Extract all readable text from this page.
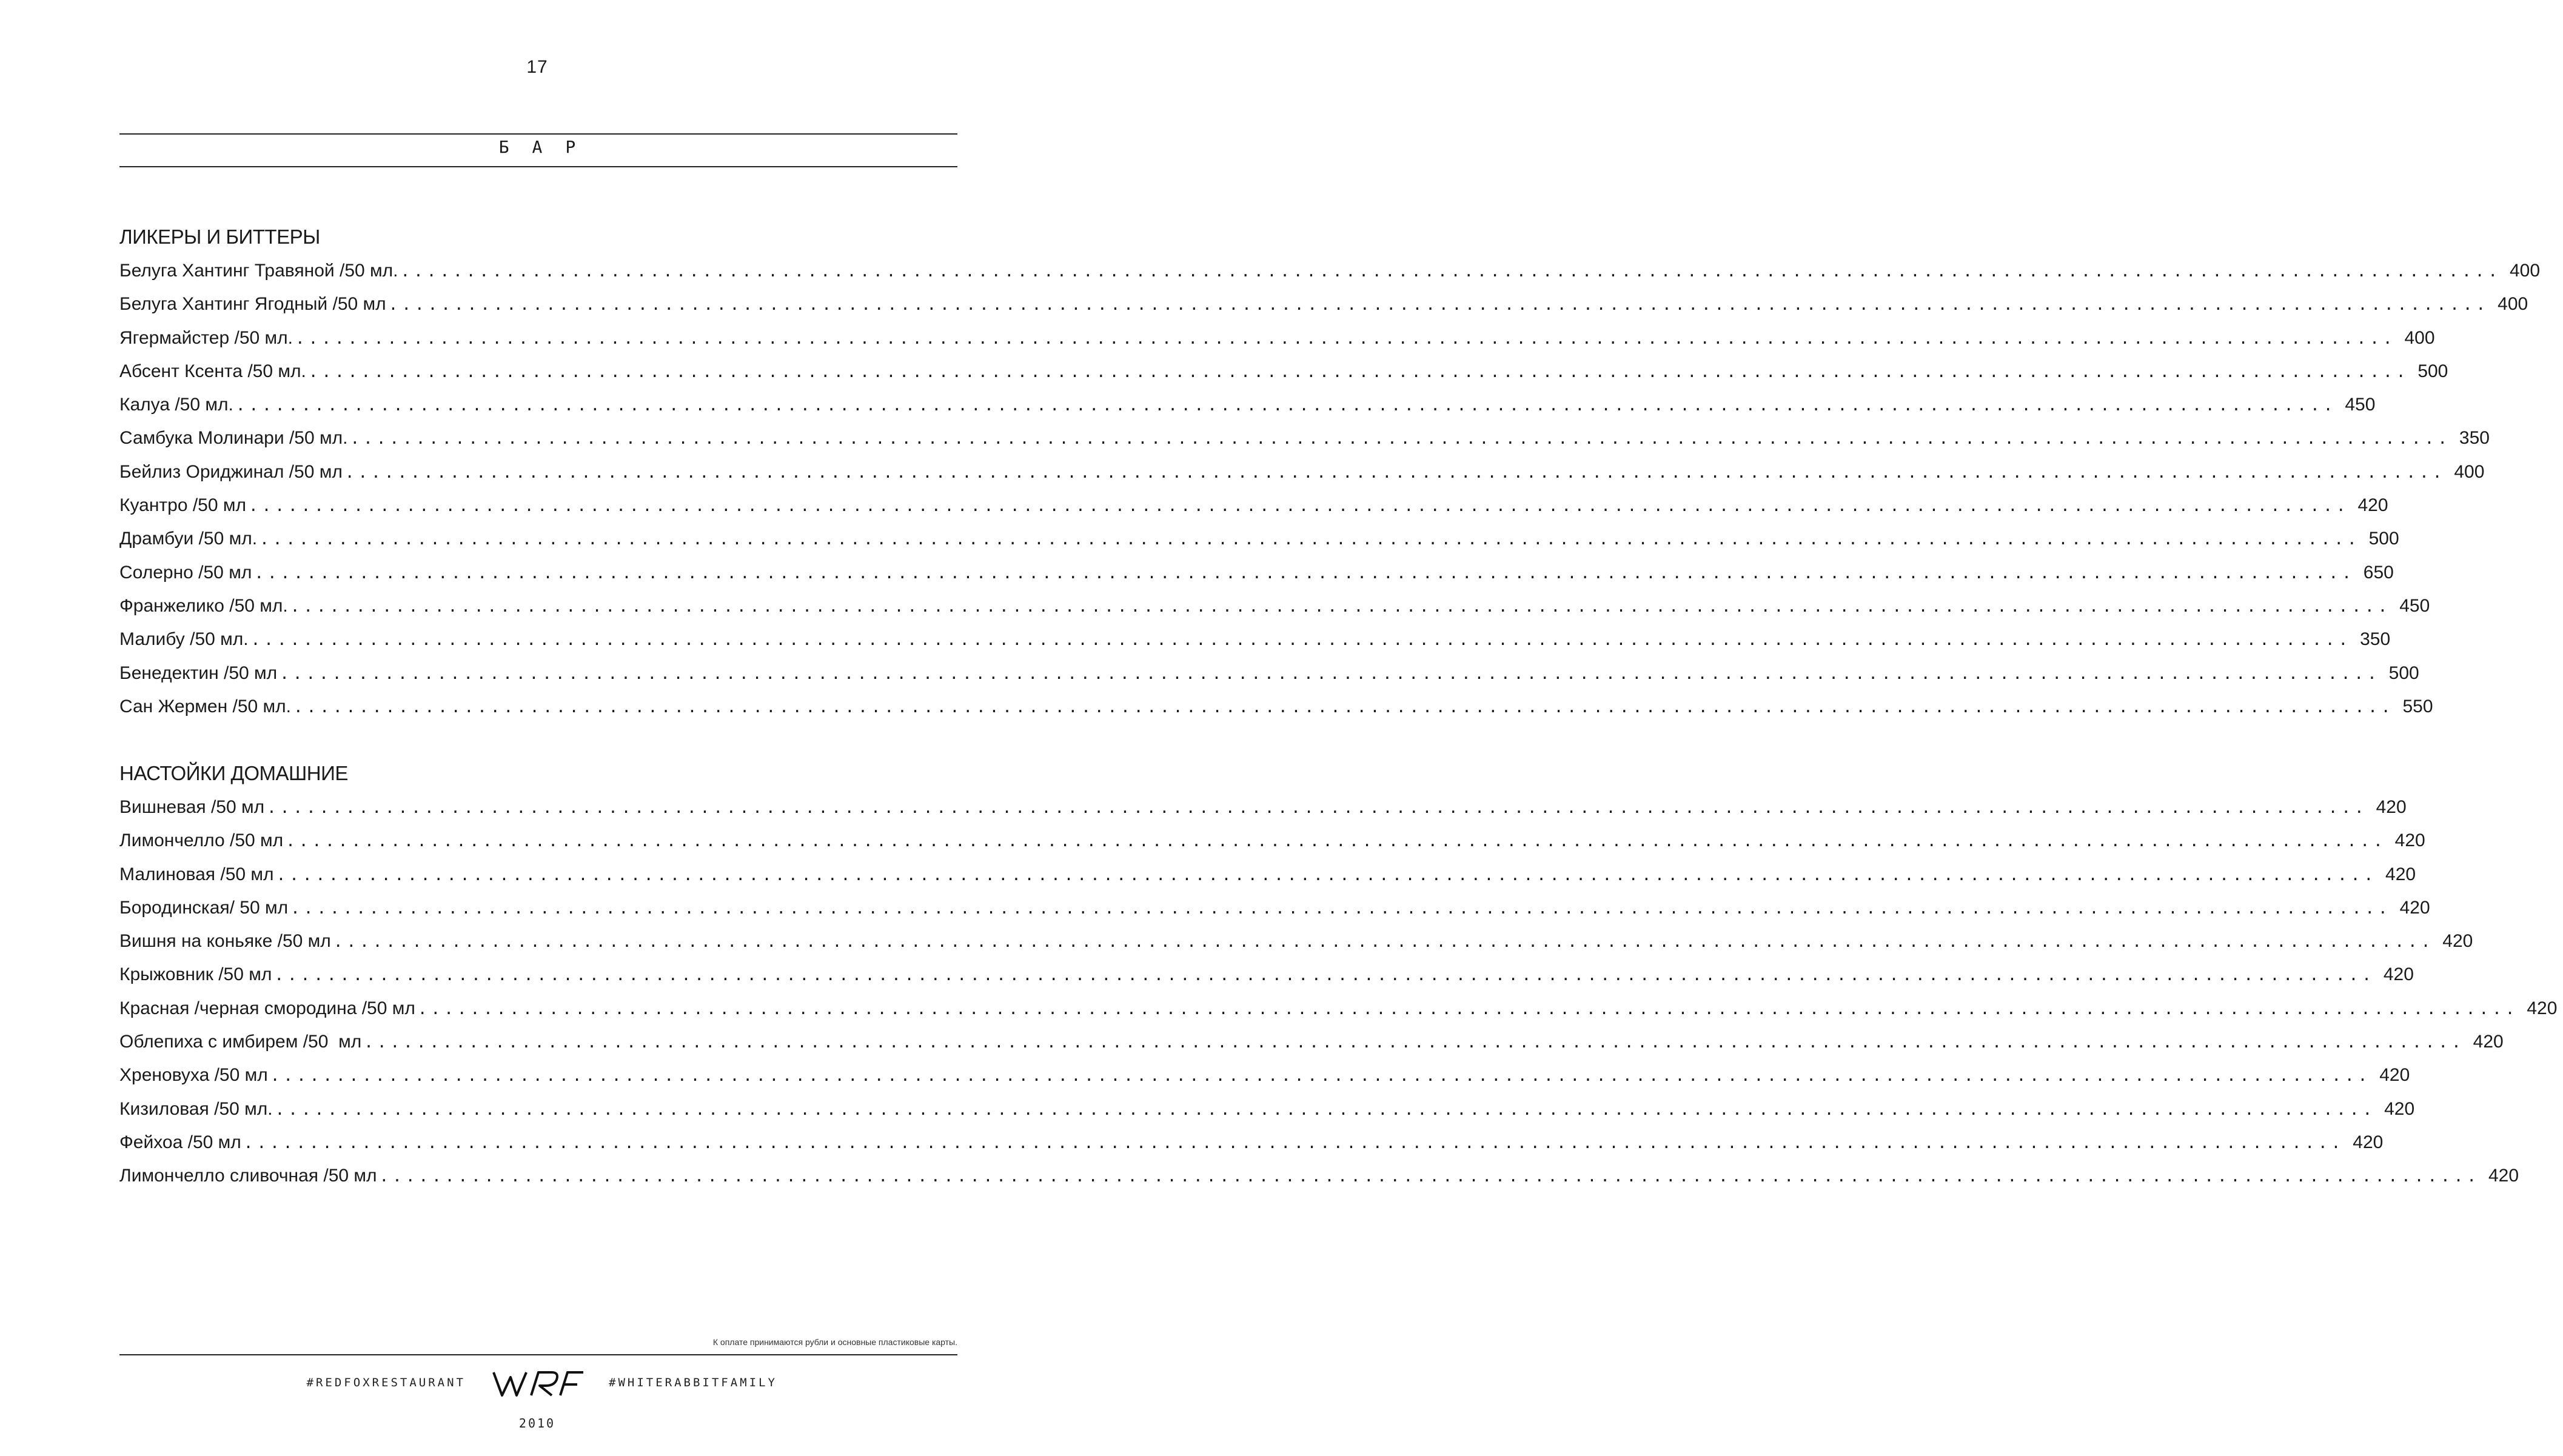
17
БАР
ЛИКЕРЫ И БИТТЕРЫ
Белуга Хантинг Травяной /50 мл. ................................................................................................................................................................ 400
Белуга Хантинг Ягодный /50 мл ................................................................................................................................................................ 400
Ягермайстер /50 мл. ................................................................................................................................................................ 400
Абсент Ксента /50 мл. ................................................................................................................................................................ 500
Калуа /50 мл. ................................................................................................................................................................ 450
Самбука Молинари /50 мл. ................................................................................................................................................................ 350
Бейлиз Ориджинал /50 мл ................................................................................................................................................................ 400
Куантро /50 мл ................................................................................................................................................................ 420
Драмбуи /50 мл. ................................................................................................................................................................ 500
Солерно /50 мл ................................................................................................................................................................ 650
Франжелико /50 мл. ................................................................................................................................................................ 450
Малибу /50 мл. ................................................................................................................................................................ 350
Бенедектин /50 мл ................................................................................................................................................................ 500
Сан Жермен /50 мл. ................................................................................................................................................................ 550
НАСТОЙКИ ДОМАШНИЕ
Вишневая /50 мл ................................................................................................................................................................ 420
Лимончелло /50 мл ................................................................................................................................................................ 420
Малиновая /50 мл ................................................................................................................................................................ 420
Бородинская/ 50 мл ................................................................................................................................................................ 420
Вишня на коньяке /50 мл ................................................................................................................................................................ 420
Крыжовник /50 мл ................................................................................................................................................................ 420
Красная /черная смородина /50 мл ................................................................................................................................................................ 420
Облепиха с имбирем /50  мл ................................................................................................................................................................ 420
Хреновуха /50 мл ................................................................................................................................................................ 420
Кизиловая /50 мл. ................................................................................................................................................................ 420
Фейхоа /50 мл ................................................................................................................................................................ 420
Лимончелло сливочная /50 мл ................................................................................................................................................................ 420
К оплате принимаются рубли и основные пластиковые карты.
#REDFOXRESTAURANT	#WHITERABBITFAMILY
2010
